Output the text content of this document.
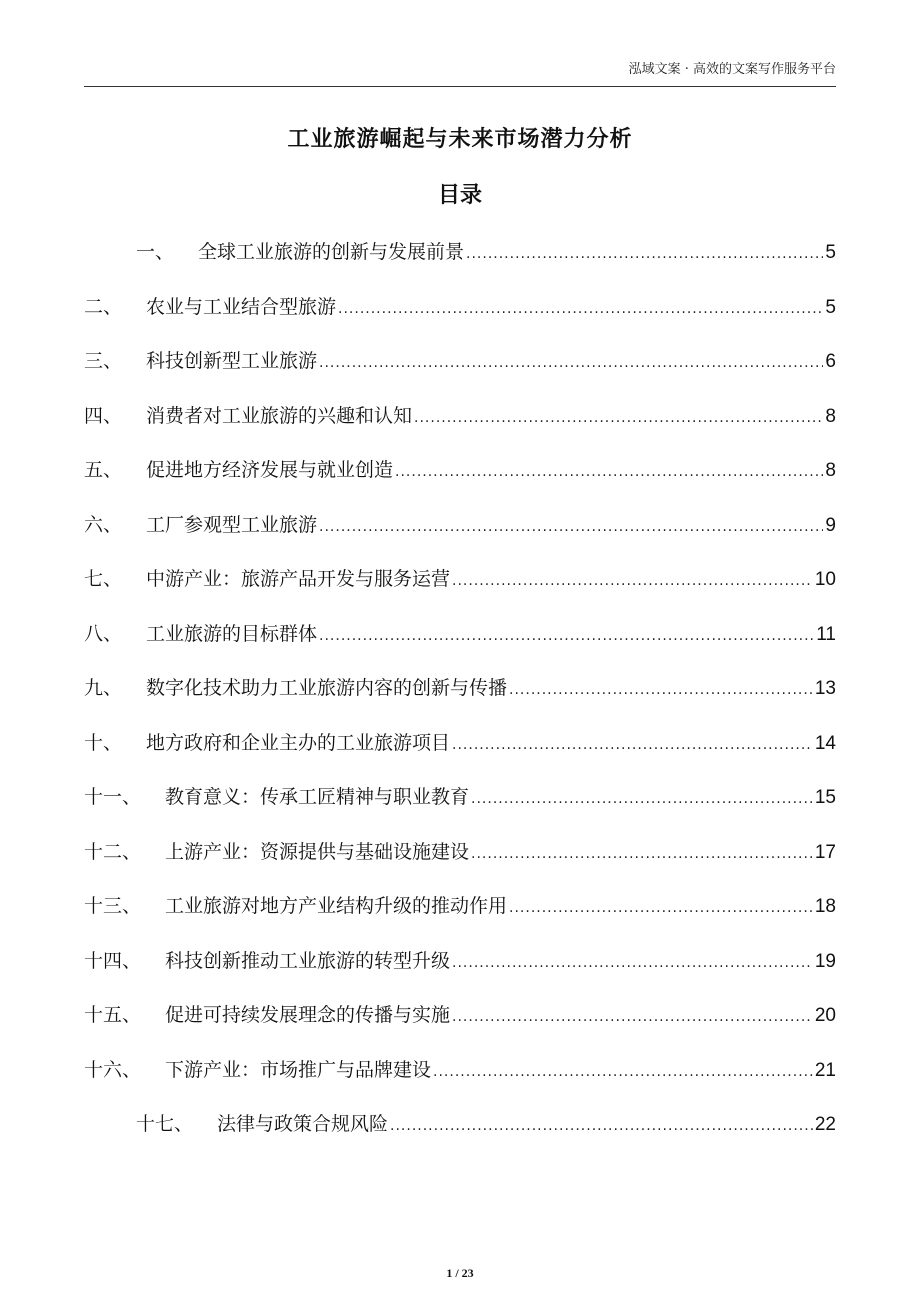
泓域文案 · 高效的文案写作服务平台
工业旅游崛起与未来市场潜力分析
目录
一、	全球工业旅游的创新与发展前景 .....	5
二、	农业与工业结合型旅游 .....	5
三、	科技创新型工业旅游 .....	6
四、	消费者对工业旅游的兴趣和认知 .....	8
五、	促进地方经济发展与就业创造 .....	8
六、	工厂参观型工业旅游 .....	9
七、	中游产业：旅游产品开发与服务运营 .....	10
八、	工业旅游的目标群体 .....	11
九、	数字化技术助力工业旅游内容的创新与传播 .....	13
十、	地方政府和企业主办的工业旅游项目 .....	14
十一、	教育意义：传承工匠精神与职业教育 .....	15
十二、	上游产业：资源提供与基础设施建设 .....	17
十三、	工业旅游对地方产业结构升级的推动作用 .....	18
十四、	科技创新推动工业旅游的转型升级 .....	19
十五、	促进可持续发展理念的传播与实施 .....	20
十六、	下游产业：市场推广与品牌建设 .....	21
十七、	法律与政策合规风险 .....	22
1 / 23
